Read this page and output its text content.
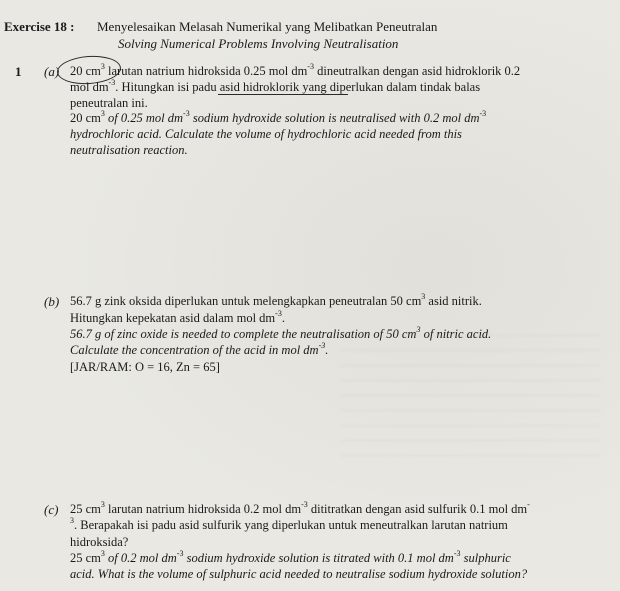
Exercise 18 : Menyelesaikan Melasah Numerikal yang Melibatkan Peneutralan
Solving Numerical Problems Involving Neutralisation
1 (a) 20 $cm^3$ larutan natrium hidroksida 0.25 mol $dm^{-3}$ dineutralkan dengan asid hidroklorik 0.2
mol $dm^{-3}$. Hitungkan isi padu asid hidroklorik yang diperlukan dalam tindak balas
peneutralan ini.
20 $cm^3$ of 0.25 mol $dm^{-3}$ sodium hydroxide solution is neutralised with 0.2 mol $dm^{-3}$
hydrochloric acid. Calculate the volume of hydrochloric acid needed from this
neutralisation reaction.
(b) 56.7 g zink oksida diperlukan untuk melengkapkan peneutralan 50 $cm^3$ asid nitrik.
Hitungkan kepekatan asid dalam mol $dm^{-3}$.
56.7 g of zinc oxide is needed to complete the neutralisation of 50 $cm^3$ of nitric acid.
Calculate the concentration of the acid in mol $dm^{-3}$.
[JAR/RAM: O = 16, Zn = 65]
(c) 25 $cm^3$ larutan natrium hidroksida 0.2 mol $dm^{-3}$ dititratkan dengan asid sulfurik 0.1 mol dm-
$^3$. Berapakah isi padu asid sulfurik yang diperlukan untuk meneutralkan larutan natrium
hidroksida?
25 $cm^3$ of 0.2 mol $dm^{-3}$ sodium hydroxide solution is titrated with 0.1 mol $dm^{-3}$ sulphuric
acid. What is the volume of sulphuric acid needed to neutralise sodium hydroxide solution?
